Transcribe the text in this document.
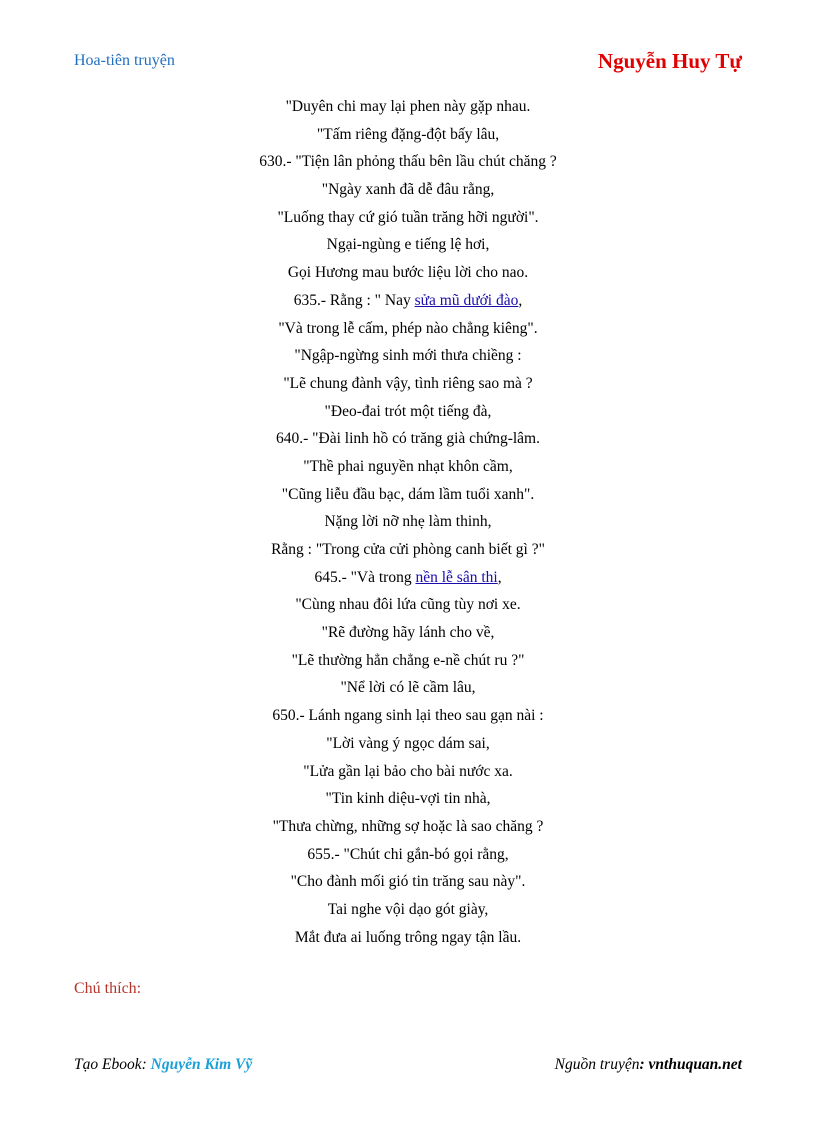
Hoa-tiên truyện	Nguyễn Huy Tự
"Duyên chi may lại phen này gặp nhau.
"Tấm riêng đặng-đột bấy lâu,
630.- "Tiện lân phỏng thấu bên lầu chút chăng ?
"Ngày xanh đã dễ đâu rằng,
"Luống thay cứ gió tuần trăng hỡi người".
Ngại-ngùng e tiếng lệ hơi,
Gọi Hương mau bước liệu lời cho nao.
635.- Rằng : " Nay sửa mũ dưới đào,
"Và trong lễ cấm, phép nào chẳng kiêng".
"Ngập-ngừng sinh mới thưa chiềng :
"Lẽ chung đành vậy, tình riêng sao mà ?
"Đeo-đai trót một tiếng đà,
640.- "Đài linh hồ có trăng già chứng-lâm.
"Thề phai nguyền nhạt khôn cầm,
"Cũng liễu đầu bạc, dám lầm tuổi xanh".
Nặng lời nỡ nhẹ làm thinh,
Rằng : "Trong cửa cửi phòng canh biết gì ?"
645.- "Và trong nền lễ sân thi,
"Cùng nhau đôi lứa cũng tùy nơi xe.
"Rẽ đường hãy lánh cho về,
"Lẽ thường hẳn chẳng e-nề chút ru ?"
"Nể lời có lẽ cầm lâu,
650.- Lánh ngang sinh lại theo sau gạn nài :
"Lời vàng ý ngọc dám sai,
"Lửa gần lại bảo cho bài nước xa.
"Tin kinh diệu-vợi tin nhà,
"Thưa chừng, những sợ hoặc là sao chăng ?
655.- "Chút chi gắn-bó gọi rằng,
"Cho đành mối gió tin trăng sau này".
Tai nghe vội dạo gót giày,
Mắt đưa ai luống trông ngay tận lầu.
Chú thích:
Tạo Ebook: Nguyễn Kim Vỹ	Nguồn truyện: vnthuquan.net
